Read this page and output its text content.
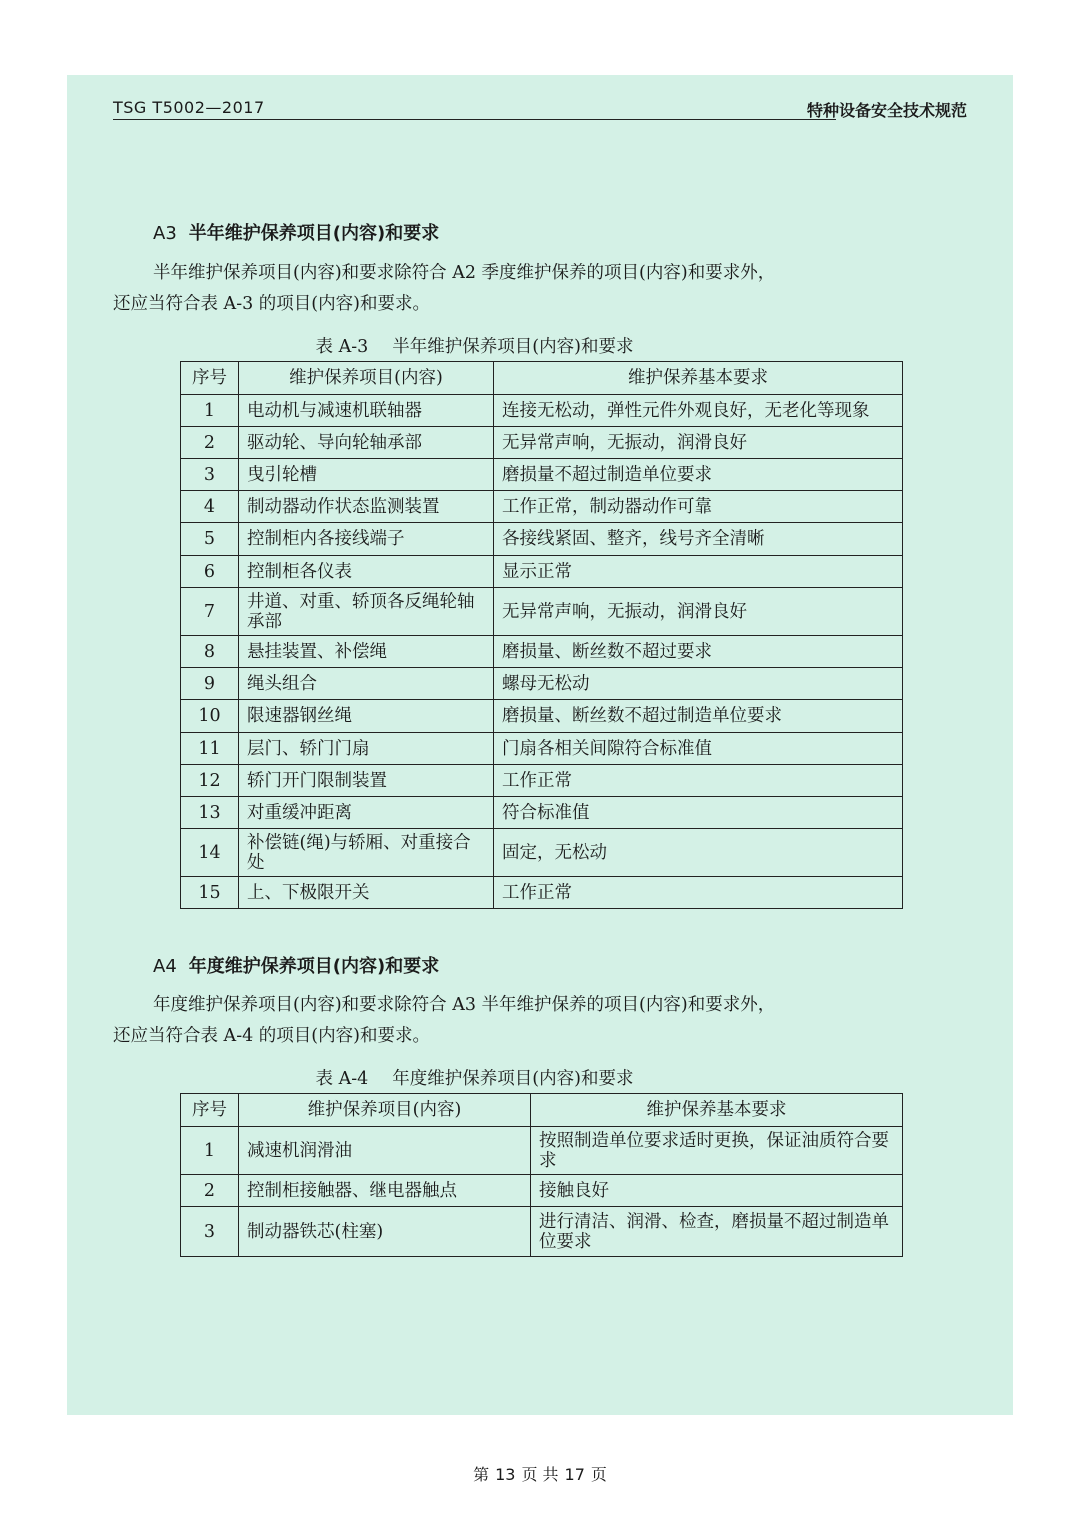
TSG T5002—2017	特种设备安全技术规范
A3 半年维护保养项目(内容)和要求
半年维护保养项目(内容)和要求除符合 A2 季度维护保养的项目(内容)和要求外，
还应当符合表 A-3 的项目(内容)和要求。
表 A-3 半年维护保养项目(内容)和要求
序号	维护保养项目(内容)	维护保养基本要求
1	电动机与减速机联轴器	连接无松动，弹性元件外观良好，无老化等现象
2	驱动轮、导向轮轴承部	无异常声响，无振动，润滑良好
3	曳引轮槽	磨损量不超过制造单位要求
4	制动器动作状态监测装置	工作正常，制动器动作可靠
5	控制柜内各接线端子	各接线紧固、整齐，线号齐全清晰
6	控制柜各仪表	显示正常
7	井道、对重、轿顶各反绳轮轴承部	无异常声响，无振动，润滑良好
8	悬挂装置、补偿绳	磨损量、断丝数不超过要求
9	绳头组合	螺母无松动
10	限速器钢丝绳	磨损量、断丝数不超过制造单位要求
11	层门、轿门门扇	门扇各相关间隙符合标准值
12	轿门开门限制装置	工作正常
13	对重缓冲距离	符合标准值
14	补偿链(绳)与轿厢、对重接合处	固定，无松动
15	上、下极限开关	工作正常
A4 年度维护保养项目(内容)和要求
年度维护保养项目(内容)和要求除符合 A3 半年维护保养的项目(内容)和要求外，
还应当符合表 A-4 的项目(内容)和要求。
表 A-4 年度维护保养项目(内容)和要求
序号	维护保养项目(内容)	维护保养基本要求
1	减速机润滑油	按照制造单位要求适时更换，保证油质符合要求
2	控制柜接触器、继电器触点	接触良好
3	制动器铁芯(柱塞)	进行清洁、润滑、检查，磨损量不超过制造单位要求
第 13 页 共 17 页
